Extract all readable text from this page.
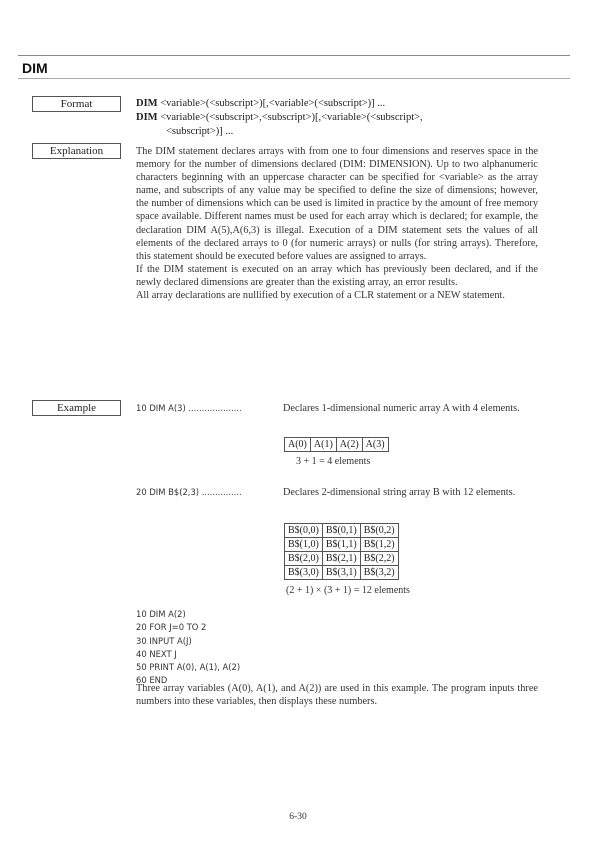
DIM
Format	DIM <variable>(<subscript>)[,<variable>(<subscript>)] ...
DIM <variable>(<subscript>,<subscript>)[,<variable>(<subscript>,
<subscript>)] ...
Explanation	The DIM statement declares arrays with from one to four dimensions and reserves space in the memory for the number of dimensions declared (DIM: DIMENSION). Up to two alphanumeric characters beginning with an uppercase character can be specified for <variable> as the array name, and subscripts of any value may be specified to define the size of dimensions; however, the number of dimensions which can be used is limited in practice by the amount of free memory space available. Different names must be used for each array which is declared; for example, the declaration DIM A(5),A(6,3) is illegal. Execution of a DIM statement sets the values of all elements of the declared arrays to 0 (for numeric arrays) or nulls (for string arrays). Therefore, this statement should be executed before values are assigned to arrays.

If the DIM statement is executed on an array which has previously been declared, and if the newly declared dimensions are greater than the existing array, an error results.

All array declarations are nullified by execution of a CLR statement or a NEW statement.

Example	10 DIM A(3) ....................	Declares 1-dimensional numeric array A with 4 elements.
A(0)	A(1)	A(2)	A(3)
3 + 1 = 4 elements
20 DIM B$(2,3) ...............	Declares 2-dimensional string array B with 12 elements.
B$(0,0)	B$(0,1)	B$(0,2)
B$(1,0)	B$(1,1)	B$(1,2)
B$(2,0)	B$(2,1)	B$(2,2)
B$(3,0)	B$(3,1)	B$(3,2)
(2 + 1) × (3 + 1) = 12 elements

10 DIM A(2)
20 FOR J=0 TO 2
30 INPUT A(J)
40 NEXT J
50 PRINT A(0), A(1), A(2)
60 END

Three array variables (A(0), A(1), and A(2)) are used in this example. The program inputs three numbers into these variables, then displays these numbers.
6-30
